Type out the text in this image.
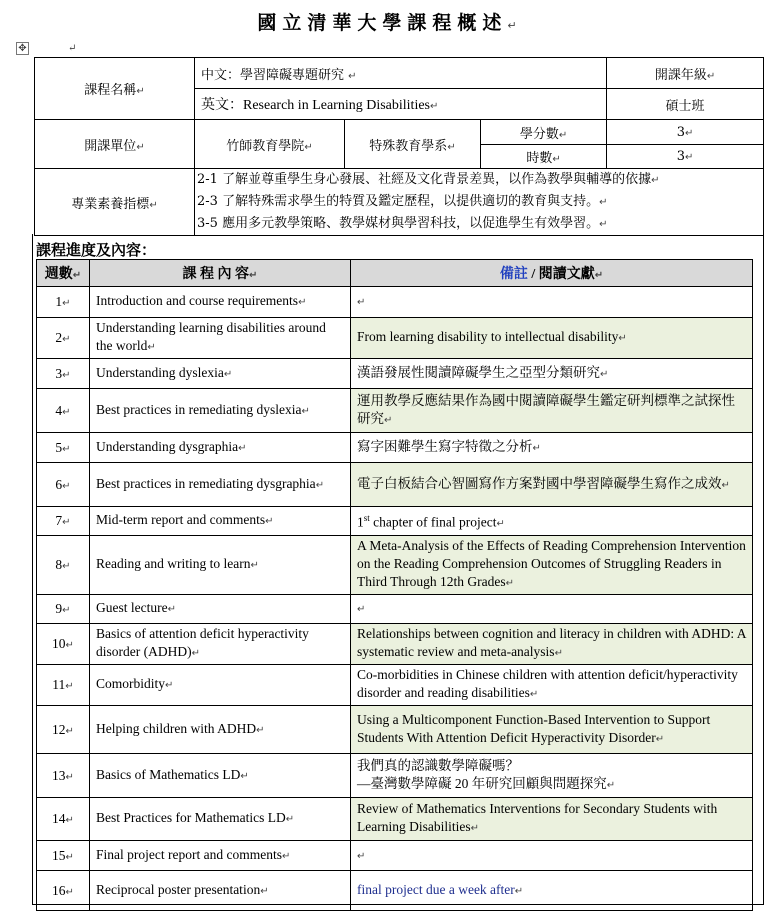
國立清華大學課程概述↵
✥	↵
課程名稱↵	中文：學習障礙專題研究 ↵			開課年級↵
	英文：Research in Learning Disabilities↵			碩士班
開課單位↵	竹師教育學院↵	特殊教育學系↵	學分數↵	3↵
			時數↵	3↵
專業素養指標↵	2-1 了解並尊重學生身心發展、社經及文化背景差異，以作為教學與輔導的依據↵
2-3 了解特殊需求學生的特質及鑑定歷程，以提供適切的教育與支持。↵
3-5 應用多元教學策略、教學媒材與學習科技，以促進學生有效學習。↵			
課程進度及內容：
週數↵	課 程 內 容↵	備註 / 閱讀文獻↵
1↵	Introduction and course requirements↵	↵
2↵	Understanding learning disabilities around the world↵	From learning disability to intellectual disability↵
3↵	Understanding dyslexia↵	漢語發展性閱讀障礙學生之亞型分類研究↵
4↵	Best practices in remediating dyslexia↵	運用教學反應結果作為國中閱讀障礙學生鑑定研判標準之試探性研究↵
5↵	Understanding dysgraphia↵	寫字困難學生寫字特徵之分析↵
6↵	Best practices in remediating dysgraphia↵	電子白板結合心智圖寫作方案對國中學習障礙學生寫作之成效↵
7↵	Mid-term report and comments↵	1st chapter of final project↵
8↵	Reading and writing to learn↵	A Meta-Analysis of the Effects of Reading Comprehension Intervention on the Reading Comprehension Outcomes of Struggling Readers in Third Through 12th Grades↵
9↵	Guest lecture↵	↵
10↵	Basics of attention deficit hyperactivity disorder (ADHD)↵	Relationships between cognition and literacy in children with ADHD: A systematic review and meta-analysis↵
11↵	Comorbidity↵	Co-morbidities in Chinese children with attention deficit/hyperactivity disorder and reading disabilities↵
12↵	Helping children with ADHD↵	Using a Multicomponent Function-Based Intervention to Support Students With Attention Deficit Hyperactivity Disorder↵
13↵	Basics of Mathematics LD↵	我們真的認識數學障礙嗎？
—臺灣數學障礙 20 年研究回顧與問題探究↵
14↵	Best Practices for Mathematics LD↵	Review of Mathematics Interventions for Secondary Students with Learning Disabilities↵
15↵	Final project report and comments↵	↵
16↵	Reciprocal poster presentation↵	final project due a week after↵
